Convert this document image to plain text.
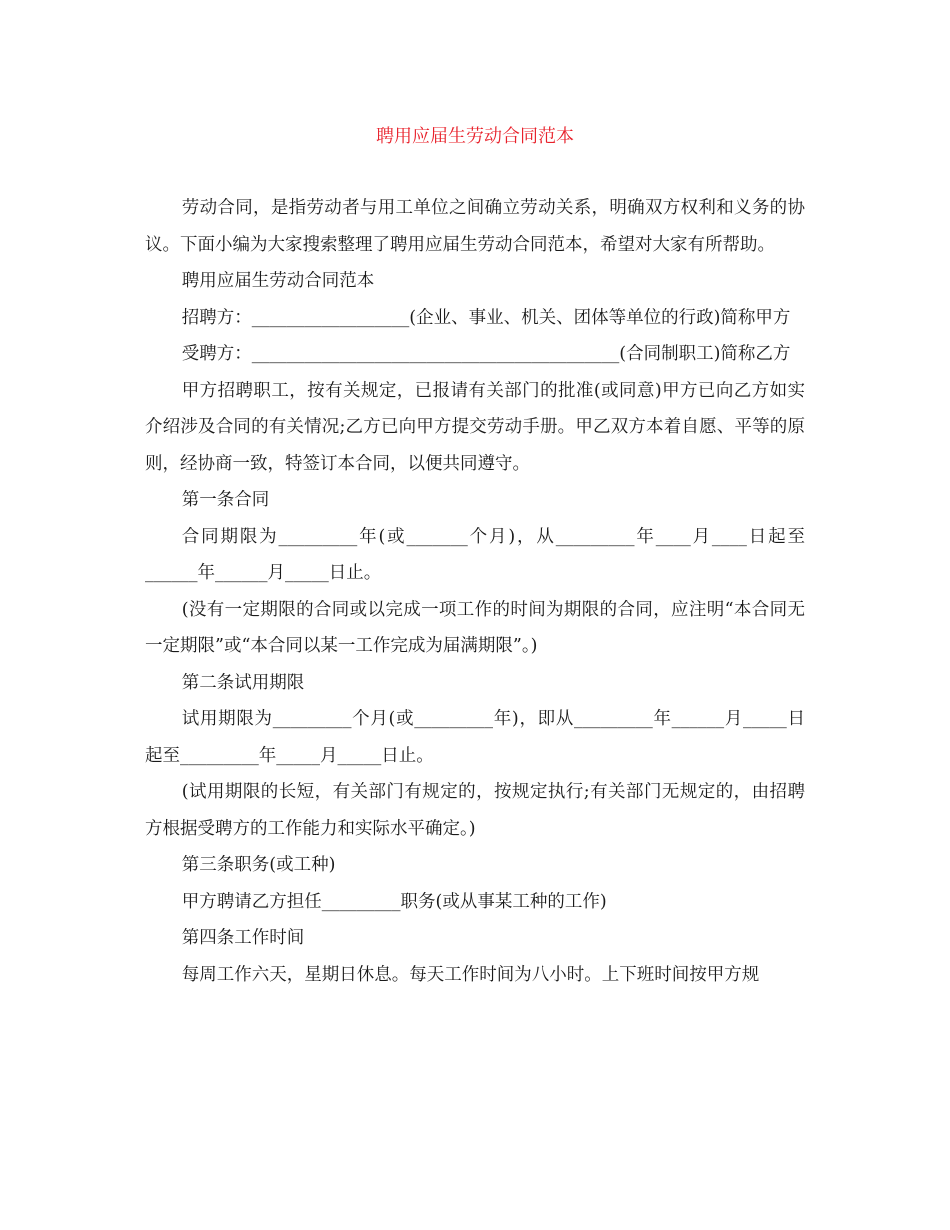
聘用应届生劳动合同范本

劳动合同，是指劳动者与用工单位之间确立劳动关系，明确双方权利和义务的协议。下面小编为大家搜索整理了聘用应届生劳动合同范本，希望对大家有所帮助。

聘用应届生劳动合同范本

招聘方：__________________(企业、事业、机关、团体等单位的行政)简称甲方

受聘方：__________________________________________(合同制职工)简称乙方

甲方招聘职工，按有关规定，已报请有关部门的批准(或同意)甲方已向乙方如实介绍涉及合同的有关情况;乙方已向甲方提交劳动手册。甲乙双方本着自愿、平等的原则，经协商一致，特签订本合同，以便共同遵守。

第一条合同

合同期限为_________年(或_______个月)，从_________年____月____日起至______年______月_____日止。

(没有一定期限的合同或以完成一项工作的时间为期限的合同，应注明“本合同无一定期限”或“本合同以某一工作完成为届满期限”。)

第二条试用期限

试用期限为_________个月(或_________年)，即从_________年______月_____日起至_________年_____月_____日止。

(试用期限的长短，有关部门有规定的，按规定执行;有关部门无规定的，由招聘方根据受聘方的工作能力和实际水平确定。)

第三条职务(或工种)

甲方聘请乙方担任_________职务(或从事某工种的工作)

第四条工作时间

每周工作六天，星期日休息。每天工作时间为八小时。上下班时间按甲方规
